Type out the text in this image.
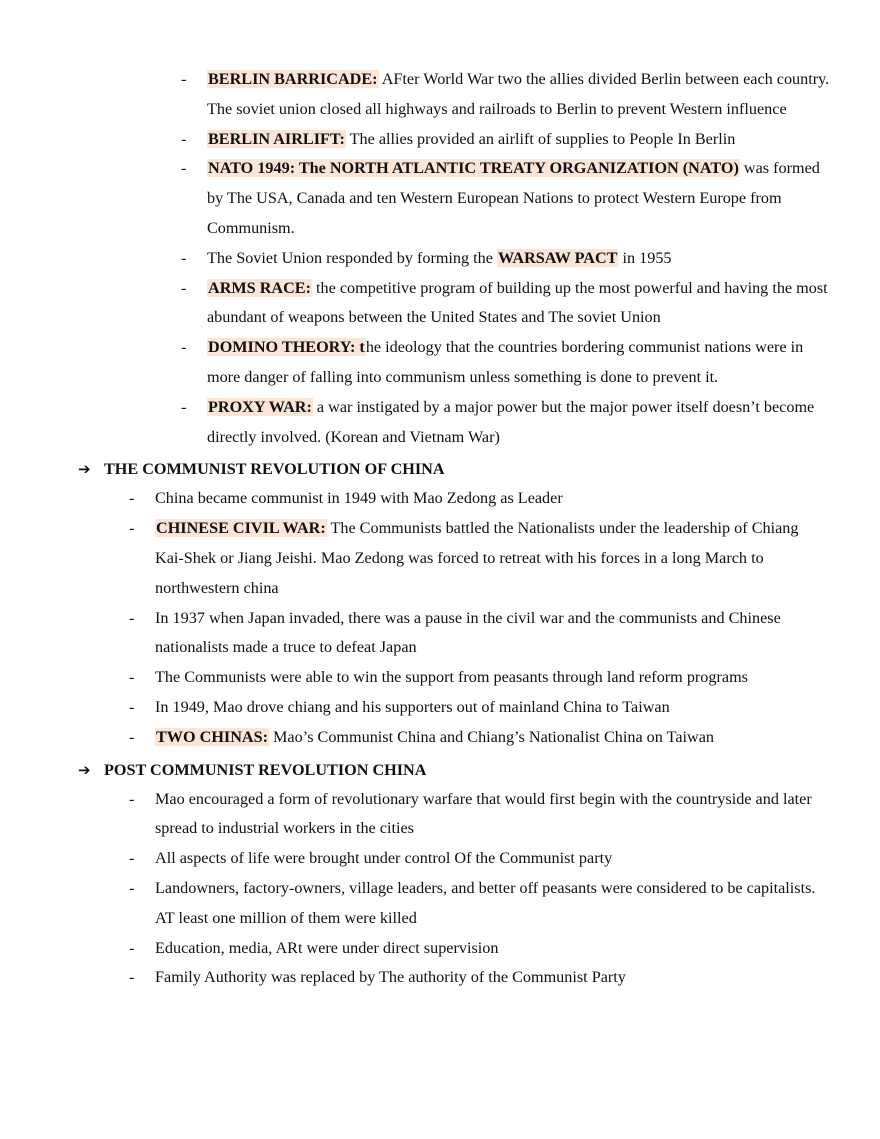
- BERLIN BARRICADE: AFter World War two the allies divided Berlin between each country. The soviet union closed all highways and railroads to Berlin to prevent Western influence
- BERLIN AIRLIFT: The allies provided an airlift of supplies to People In Berlin
- NATO 1949: The NORTH ATLANTIC TREATY ORGANIZATION (NATO) was formed by The USA, Canada and ten Western European Nations to protect Western Europe from Communism.
- The Soviet Union responded by forming the WARSAW PACT in 1955
- ARMS RACE: the competitive program of building up the most powerful and having the most abundant of weapons between the United States and The soviet Union
- DOMINO THEORY: the ideology that the countries bordering communist nations were in more danger of falling into communism unless something is done to prevent it.
- PROXY WAR: a war instigated by a major power but the major power itself doesn’t become directly involved. (Korean and Vietnam War)
➔ THE COMMUNIST REVOLUTION OF CHINA
- China became communist in 1949 with Mao Zedong as Leader
- CHINESE CIVIL WAR: The Communists battled the Nationalists under the leadership of Chiang Kai-Shek or Jiang Jeishi. Mao Zedong was forced to retreat with his forces in a long March to northwestern china
- In 1937 when Japan invaded, there was a pause in the civil war and the communists and Chinese nationalists made a truce to defeat Japan
- The Communists were able to win the support from peasants through land reform programs
- In 1949, Mao drove chiang and his supporters out of mainland China to Taiwan
- TWO CHINAS: Mao’s Communist China and Chiang’s Nationalist China on Taiwan
➔ POST COMMUNIST REVOLUTION CHINA
- Mao encouraged a form of revolutionary warfare that would first begin with the countryside and later spread to industrial workers in the cities
- All aspects of life were brought under control Of the Communist party
- Landowners, factory-owners, village leaders, and better off peasants were considered to be capitalists. AT least one million of them were killed
- Education, media, ARt were under direct supervision
- Family Authority was replaced by The authority of the Communist Party
